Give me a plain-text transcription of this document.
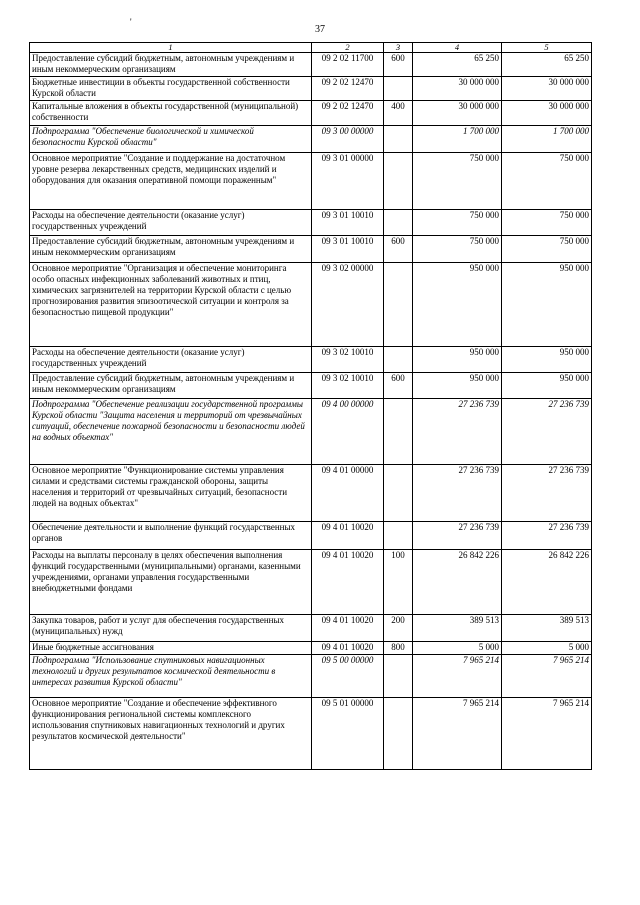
'
37
1	2	3	4	5
Предоставление субсидий бюджетным, автономным учреждениям и иным некоммерческим организациям	09 2 02 11700	600	65 250	65 250
Бюджетные инвестиции в объекты государственной собственности Курской области	09 2 02 12470		30 000 000	30 000 000
Капитальные вложения в объекты государственной (муниципальной) собственности	09 2 02 12470	400	30 000 000	30 000 000
Подпрограмма "Обеспечение биологической и химической безопасности Курской области"	09 3 00 00000		1 700 000	1 700 000
Основное мероприятие "Создание и поддержание на достаточном уровне резерва лекарственных средств, медицинских изделий и оборудования для оказания оперативной помощи пораженным"	09 3 01 00000		750 000	750 000
Расходы на обеспечение деятельности (оказание услуг) государственных учреждений	09 3 01 10010		750 000	750 000
Предоставление субсидий бюджетным, автономным учреждениям и иным некоммерческим организациям	09 3 01 10010	600	750 000	750 000
Основное мероприятие "Организация и обеспечение мониторинга особо опасных инфекционных заболеваний животных и птиц, химических загрязнителей на территории Курской области с целью прогнозирования развития эпизоотической ситуации и контроля за безопасностью пищевой продукции"	09 3 02 00000		950 000	950 000
Расходы на обеспечение деятельности (оказание услуг) государственных учреждений	09 3 02 10010		950 000	950 000
Предоставление субсидий бюджетным, автономным учреждениям и иным некоммерческим организациям	09 3 02 10010	600	950 000	950 000
Подпрограмма "Обеспечение реализации государственной программы Курской области "Защита населения и территорий от чрезвычайных ситуаций, обеспечение пожарной безопасности и безопасности людей на водных объектах"	09 4 00 00000		27 236 739	27 236 739
Основное мероприятие "Функционирование системы управления силами и средствами системы гражданской обороны, защиты населения и территорий от чрезвычайных ситуаций, безопасности людей на водных объектах"	09 4 01 00000		27 236 739	27 236 739
Обеспечение деятельности и выполнение функций государственных органов	09 4 01 10020		27 236 739	27 236 739
Расходы на выплаты персоналу в целях обеспечения выполнения функций государственными (муниципальными) органами, казенными учреждениями, органами управления государственными внебюджетными фондами	09 4 01 10020	100	26 842 226	26 842 226
Закупка товаров, работ и услуг для обеспечения государственных (муниципальных) нужд	09 4 01 10020	200	389 513	389 513
Иные бюджетные ассигнования	09 4 01 10020	800	5 000	5 000
Подпрограмма "Использование спутниковых навигационных технологий и других результатов космической деятельности в интересах развития Курской области"	09 5 00 00000		7 965 214	7 965 214
Основное мероприятие "Создание и обеспечение эффективного функционирования региональной системы комплексного использования спутниковых навигационных технологий и других результатов космической деятельности"	09 5 01 00000		7 965 214	7 965 214
